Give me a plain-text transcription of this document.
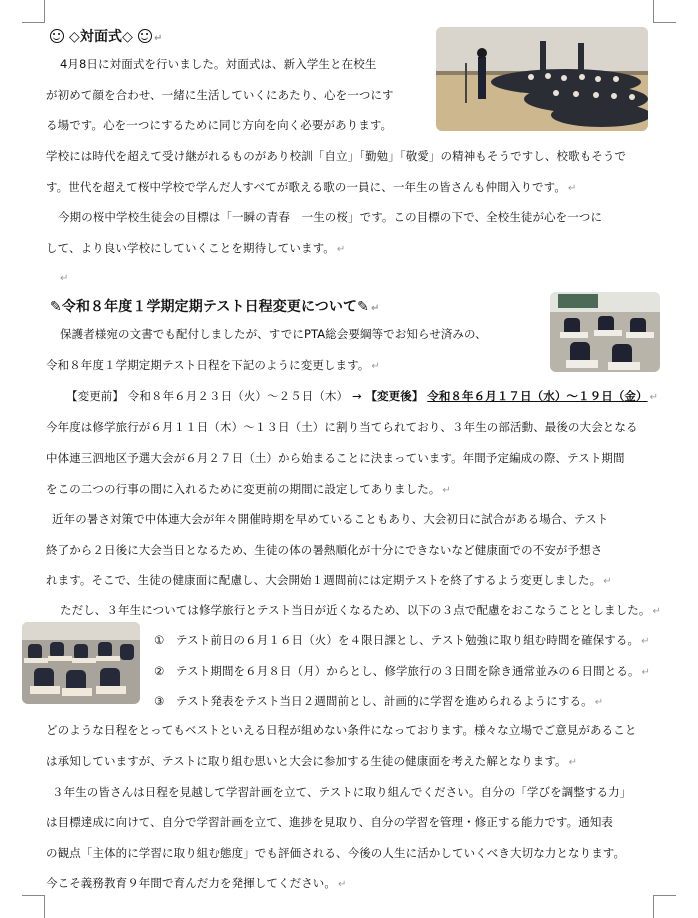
◇対面式◇ ↵
4月8日に対面式を行いました。対面式は、新入学生と在校生
が初めて顔を合わせ、一緒に生活していくにあたり、心を一つにす
る場です。心を一つにするために同じ方向を向く必要があります。
学校には時代を超えて受け継がれるものがあり校訓「自立」「勤勉」「敬愛」の精神もそうですし、校歌もそうで
す。世代を超えて桜中学校で学んだ人すべてが歌える歌の一員に、一年生の皆さんも仲間入りです。 ↵
今期の桜中学校生徒会の目標は「一瞬の青春　一生の桜」です。この目標の下で、全校生徒が心を一つに
して、より良い学校にしていくことを期待しています。 ↵
↵
✎令和８年度１学期定期テスト日程変更について✎ ↵
保護者様宛の文書でも配付しましたが、すでにPTA総会要綱等でお知らせ済みの、
令和８年度１学期定期テスト日程を下記のように変更します。 ↵
【変更前】 令和８年６月２３日（火）～２５日（木） → 【変更後】 令和８年６月１７日（水）～１９日（金） ↵
今年度は修学旅行が６月１１日（木）～１３日（土）に割り当てられており、３年生の部活動、最後の大会となる
中体連三泗地区予選大会が６月２７日（土）から始まることに決まっています。年間予定編成の際、テスト期間
をこの二つの行事の間に入れるために変更前の期間に設定してありました。 ↵
近年の暑さ対策で中体連大会が年々開催時期を早めていることもあり、大会初日に試合がある場合、テスト
終了から２日後に大会当日となるため、生徒の体の暑熱順化が十分にできないなど健康面での不安が予想さ
れます。そこで、生徒の健康面に配慮し、大会開始１週間前には定期テストを終了するよう変更しました。 ↵
ただし、３年生については修学旅行とテスト当日が近くなるため、以下の３点で配慮をおこなうこととしました。 ↵
①　テスト前日の６月１６日（火）を４限日課とし、テスト勉強に取り組む時間を確保する。 ↵
②　テスト期間を６月８日（月）からとし、修学旅行の３日間を除き通常並みの６日間とる。 ↵
③　テスト発表をテスト当日２週間前とし、計画的に学習を進められるようにする。 ↵
どのような日程をとってもベストといえる日程が組めない条件になっております。様々な立場でご意見があること
は承知していますが、テストに取り組む思いと大会に参加する生徒の健康面を考えた解となります。 ↵
３年生の皆さんは日程を見越して学習計画を立て、テストに取り組んでください。自分の「学びを調整する力」
は目標達成に向けて、自分で学習計画を立て、進捗を見取り、自分の学習を管理・修正する能力です。通知表
の観点「主体的に学習に取り組む態度」でも評価される、今後の人生に活かしていくべき大切な力となります。
今こそ義務教育９年間で育んだ力を発揮してください。 ↵
